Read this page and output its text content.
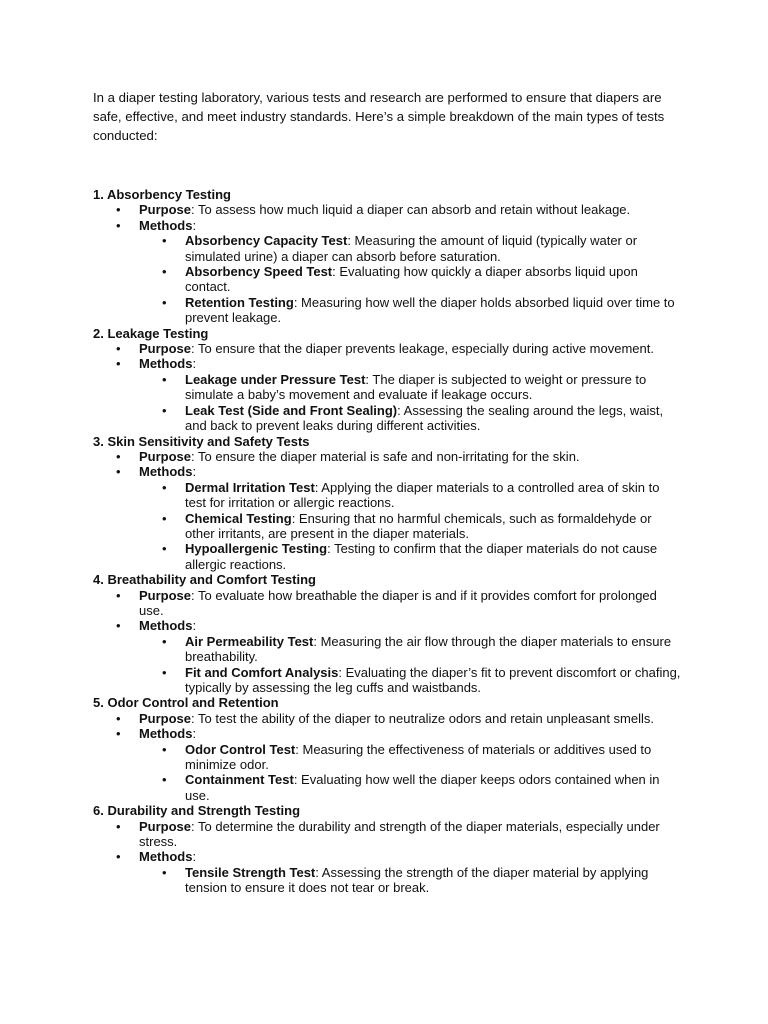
In a diaper testing laboratory, various tests and research are performed to ensure that diapers are safe, effective, and meet industry standards. Here’s a simple breakdown of the main types of tests conducted:

1. Absorbency Testing
• Purpose: To assess how much liquid a diaper can absorb and retain without leakage.
• Methods:
• Absorbency Capacity Test: Measuring the amount of liquid (typically water or simulated urine) a diaper can absorb before saturation.
• Absorbency Speed Test: Evaluating how quickly a diaper absorbs liquid upon contact.
• Retention Testing: Measuring how well the diaper holds absorbed liquid over time to prevent leakage.
2. Leakage Testing
• Purpose: To ensure that the diaper prevents leakage, especially during active movement.
• Methods:
• Leakage under Pressure Test: The diaper is subjected to weight or pressure to simulate a baby’s movement and evaluate if leakage occurs.
• Leak Test (Side and Front Sealing): Assessing the sealing around the legs, waist, and back to prevent leaks during different activities.
3. Skin Sensitivity and Safety Tests
• Purpose: To ensure the diaper material is safe and non-irritating for the skin.
• Methods:
• Dermal Irritation Test: Applying the diaper materials to a controlled area of skin to test for irritation or allergic reactions.
• Chemical Testing: Ensuring that no harmful chemicals, such as formaldehyde or other irritants, are present in the diaper materials.
• Hypoallergenic Testing: Testing to confirm that the diaper materials do not cause allergic reactions.
4. Breathability and Comfort Testing
• Purpose: To evaluate how breathable the diaper is and if it provides comfort for prolonged use.
• Methods:
• Air Permeability Test: Measuring the air flow through the diaper materials to ensure breathability.
• Fit and Comfort Analysis: Evaluating the diaper’s fit to prevent discomfort or chafing, typically by assessing the leg cuffs and waistbands.
5. Odor Control and Retention
• Purpose: To test the ability of the diaper to neutralize odors and retain unpleasant smells.
• Methods:
• Odor Control Test: Measuring the effectiveness of materials or additives used to minimize odor.
• Containment Test: Evaluating how well the diaper keeps odors contained when in use.
6. Durability and Strength Testing
• Purpose: To determine the durability and strength of the diaper materials, especially under stress.
• Methods:
• Tensile Strength Test: Assessing the strength of the diaper material by applying tension to ensure it does not tear or break.
